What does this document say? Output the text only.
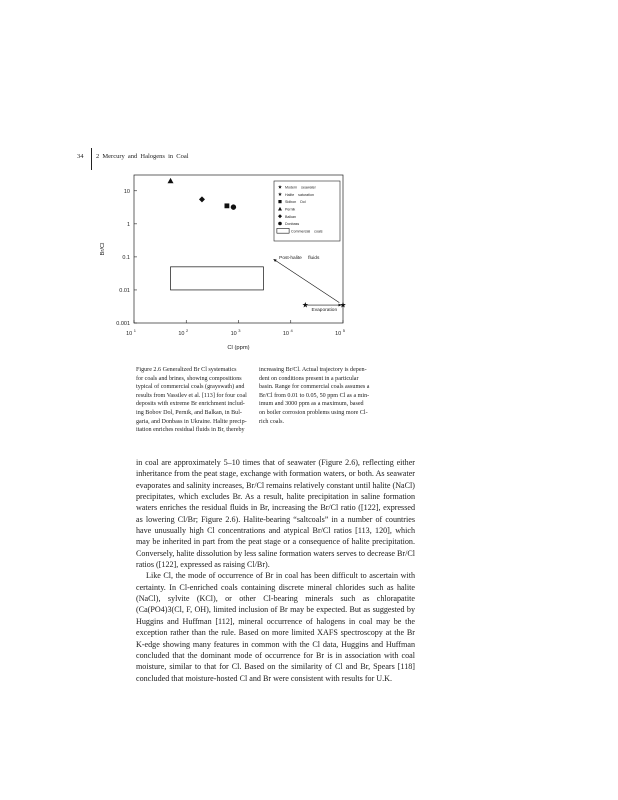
34 2 Mercury and Halogens in Coal
Cl (ppm)
Br/Cl
0.001
0.01
0.1
1
10
$10^1$
$10^2$
$10^3$
$10^4$
$10^5$
Post-halite fluids
Evaporation
Modern seawater
Halite saturation
Sidbon Dol
Pernik
Balkan
Donbass
Commercial coals
Figure 2.6 Generalized Br Cl systematics
for coals and brines, showing compositions
typical of commercial coals (grayswath) and
results from Vassilev et al. [113] for four coal
deposits with extreme Br enrichment includ-
ing Bobov Dol, Pernik, and Balkan, in Bul-
garia, and Donbass in Ukraine. Halite precip-
itation enriches residual fluids in Br, thereby
increasing Br/Cl. Actual trajectory is depen-
dent on conditions present in a particular
basin. Range for commercial coals assumes a
Br/Cl from 0.01 to 0.05, 50 ppm Cl as a min-
imum and 3000 ppm as a maximum, based
on boiler corrosion problems using more Cl-
rich coals.

in coal are approximately 5–10 times that of seawater (Figure 2.6), reflecting either inheritance from the peat stage, exchange with formation waters, or both. As seawater evaporates and salinity increases, Br/Cl remains relatively constant until halite (NaCl) precipitates, which excludes Br. As a result, halite precipitation in saline formation waters enriches the residual fluids in Br, increasing the Br/Cl ratio ([122], expressed as lowering Cl/Br; Figure 2.6). Halite-bearing “saltcoals” in a number of countries have unusually high Cl concentrations and atypical Br/Cl ratios [113, 120], which may be inherited in part from the peat stage or a consequence of halite precipitation. Conversely, halite dissolution by less saline formation waters serves to decrease Br/Cl ratios ([122], expressed as raising Cl/Br).

Like Cl, the mode of occurrence of Br in coal has been difficult to ascertain with certainty. In Cl-enriched coals containing discrete mineral chlorides such as halite (NaCl), sylvite (KCl), or other Cl-bearing minerals such as chlorapatite (Ca(PO4)3(Cl, F, OH), limited inclusion of Br may be expected. But as suggested by Huggins and Huffman [112], mineral occurrence of halogens in coal may be the exception rather than the rule. Based on more limited XAFS spectroscopy at the Br K-edge showing many features in common with the Cl data, Huggins and Huffman concluded that the dominant mode of occurrence for Br is in association with coal moisture, similar to that for Cl. Based on the similarity of Cl and Br, Spears [118] concluded that moisture-hosted Cl and Br were consistent with results for U.K.
